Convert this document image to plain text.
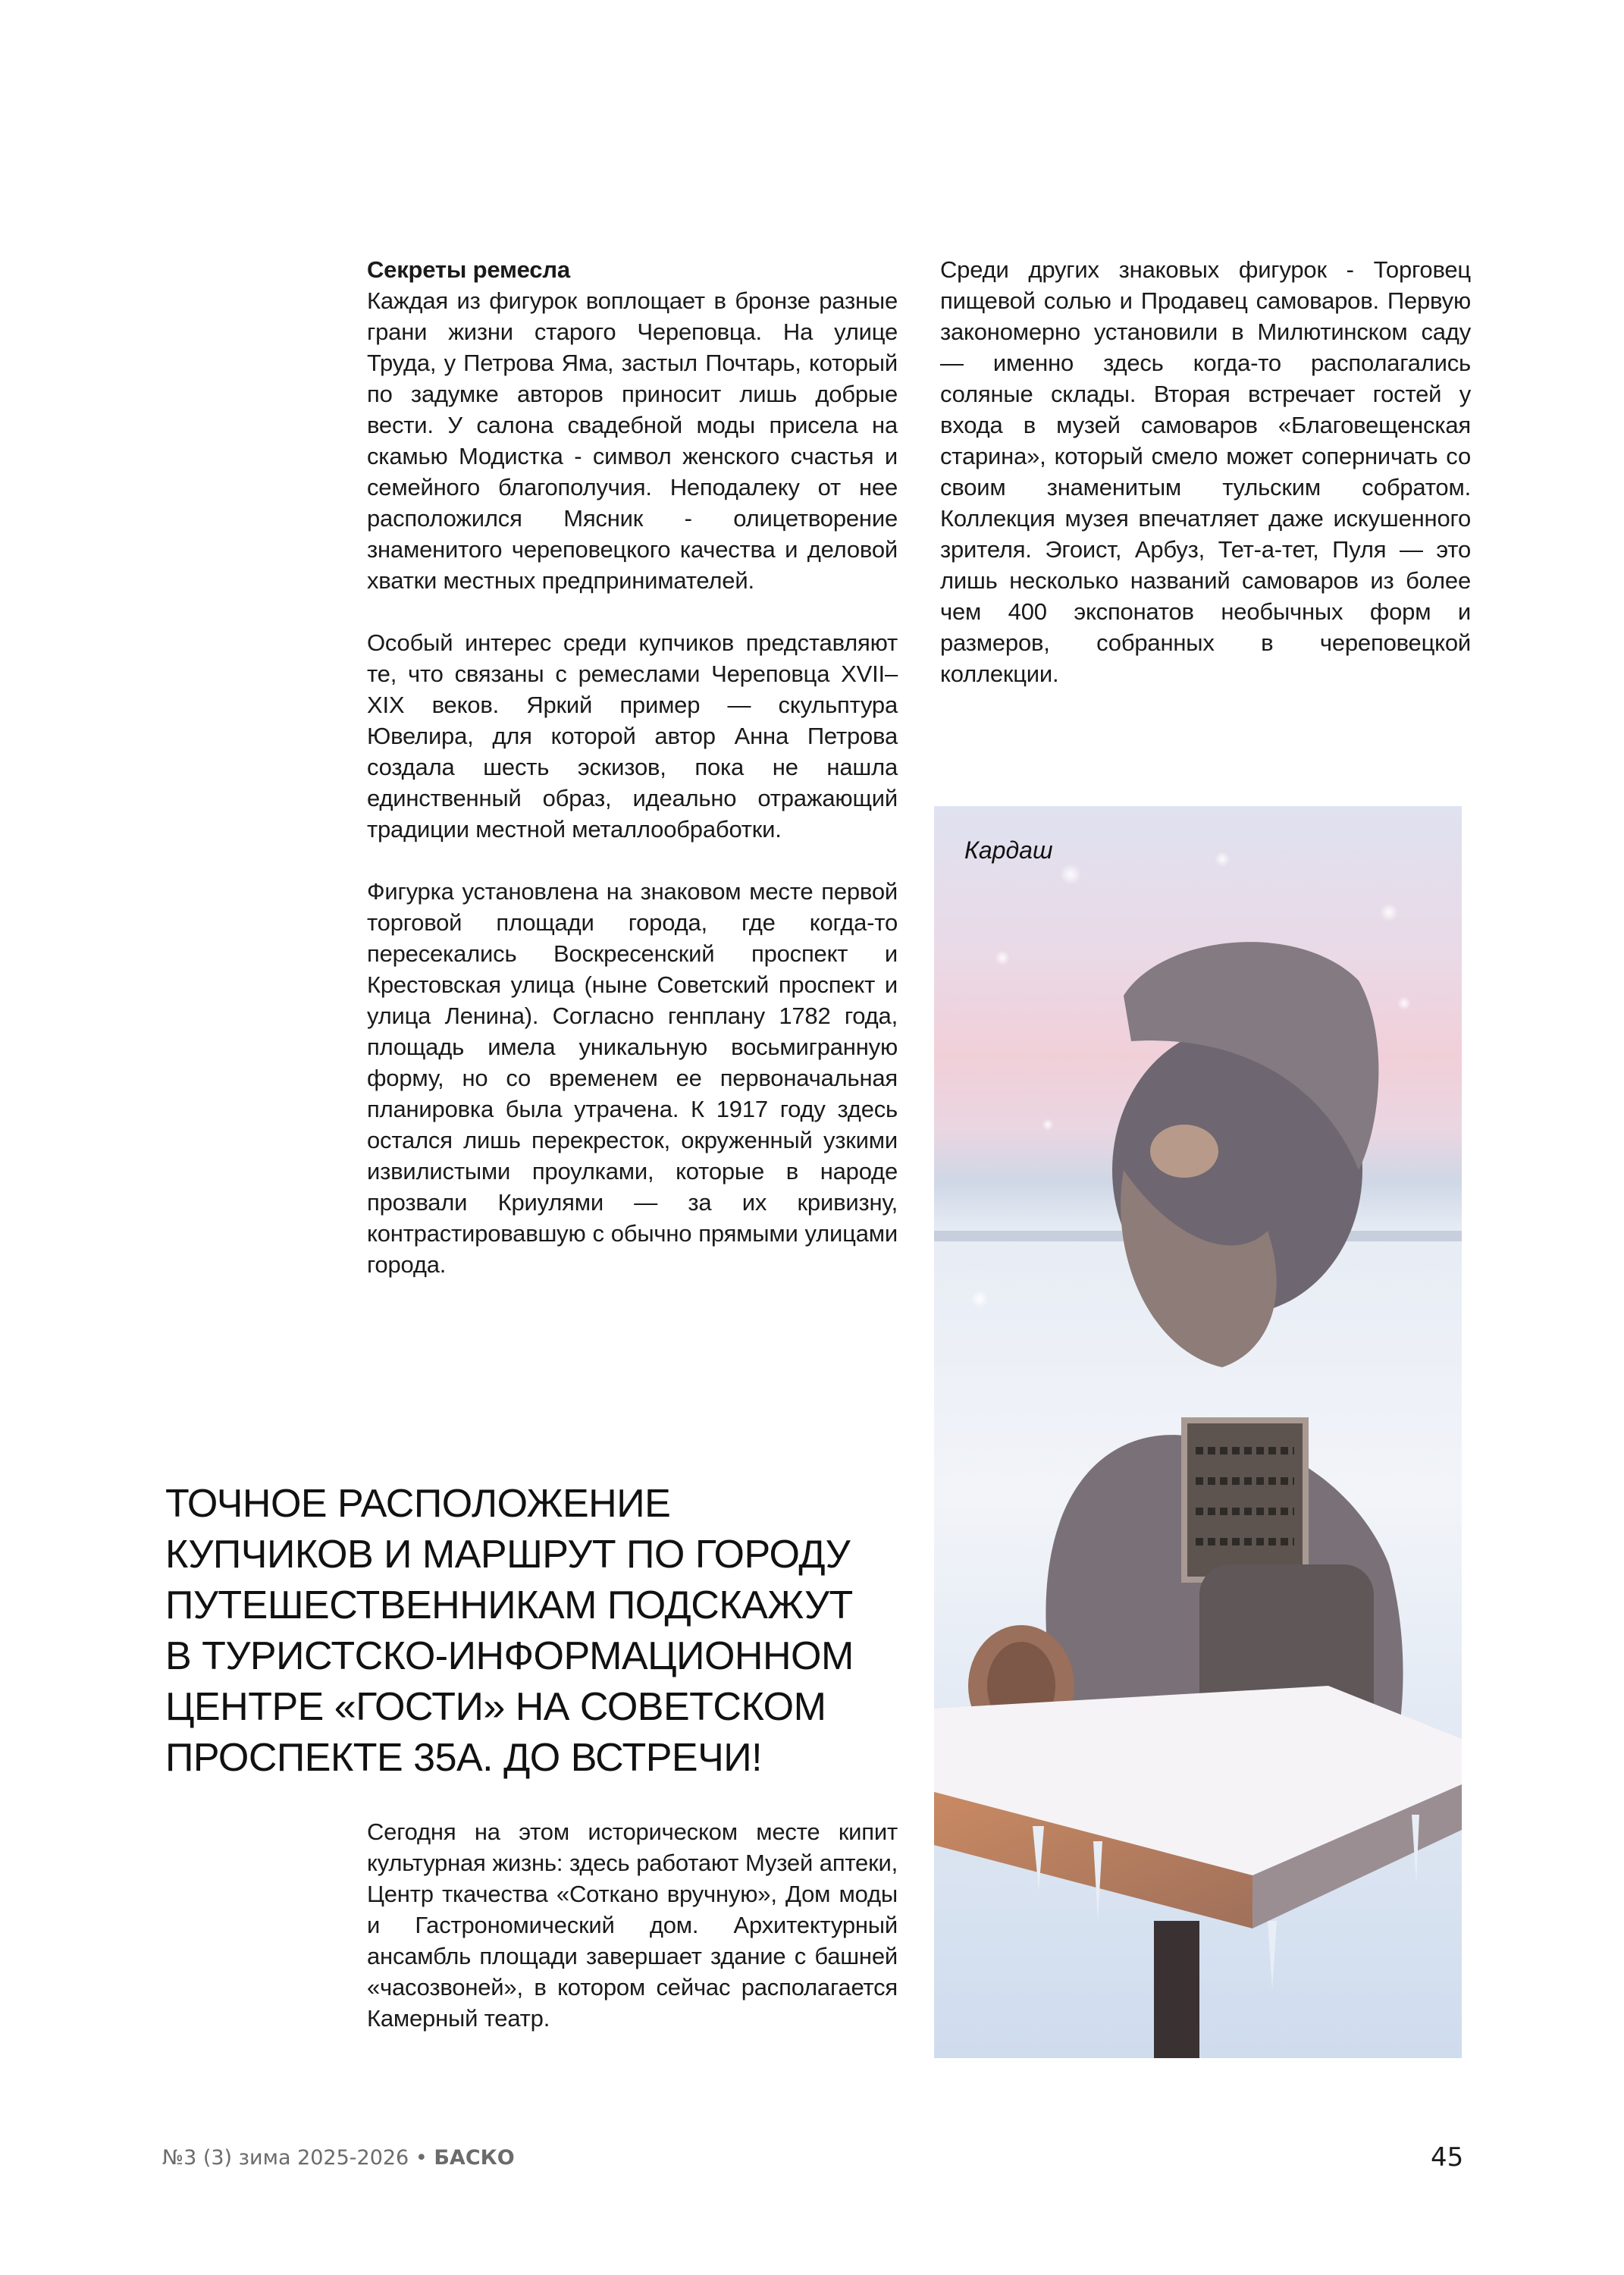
Секреты ремесла

Каждая из фигурок воплощает в бронзе разные грани жизни старого Череповца. На улице Труда, у Петрова Яма, застыл Почтарь, который по задумке авторов приносит лишь добрые вести. У салона свадебной моды присела на скамью Модистка - символ женского счастья и семейного благополучия. Неподалеку от нее расположился Мясник - олицетворение знаменитого череповецкого качества и деловой хватки местных предпринимателей.

Особый интерес среди купчиков представляют те, что связаны с ремеслами Череповца XVII–XIX веков. Яркий пример — скульптура Ювелира, для которой автор Анна Петрова создала шесть эскизов, пока не нашла единственный образ, идеально отражающий традиции местной металлообработки.

Фигурка установлена на знаковом месте первой торговой площади города, где когда-то пересекались Воскресенский проспект и Крестовская улица (ныне Советский проспект и улица Ленина). Согласно генплану 1782 года, площадь имела уникальную восьмигранную форму, но со временем ее первоначальная планировка была утрачена. К 1917 году здесь остался лишь перекресток, окруженный узкими извилистыми проулками, которые в народе прозвали Криулями — за их кривизну, контрастировавшую с обычно прямыми улицами города.

Среди других знаковых фигурок - Торговец пищевой солью и Продавец самоваров. Первую закономерно установили в Милютинском саду — именно здесь когда-то располагались соляные склады. Вторая встречает гостей у входа в музей самоваров «Благовещенская старина», который смело может соперничать со своим знаменитым тульским собратом. Коллекция музея впечатляет даже искушенного зрителя. Эгоист, Арбуз, Тет-а-тет, Пуля — это лишь несколько названий самоваров из более чем 400 экспонатов необычных форм и размеров, собранных в череповецкой коллекции.

Кардаш
ТОЧНОЕ РАСПОЛОЖЕНИЕ
КУПЧИКОВ И МАРШРУТ ПО ГОРОДУ
ПУТЕШЕСТВЕННИКАМ ПОДСКАЖУТ
В ТУРИСТСКО-ИНФОРМАЦИОННОМ
ЦЕНТРЕ «ГОСТИ» НА СОВЕТСКОМ
ПРОСПЕКТЕ 35А. ДО ВСТРЕЧИ!

Сегодня на этом историческом месте кипит культурная жизнь: здесь работают Музей аптеки, Центр ткачества «Соткано вручную», Дом моды и Гастрономический дом. Архитектурный ансамбль площади завершает здание с башней «часозвоней», в котором сейчас располагается Камерный театр.

№3 (3) зима 2025-2026 • БАСКО	45
